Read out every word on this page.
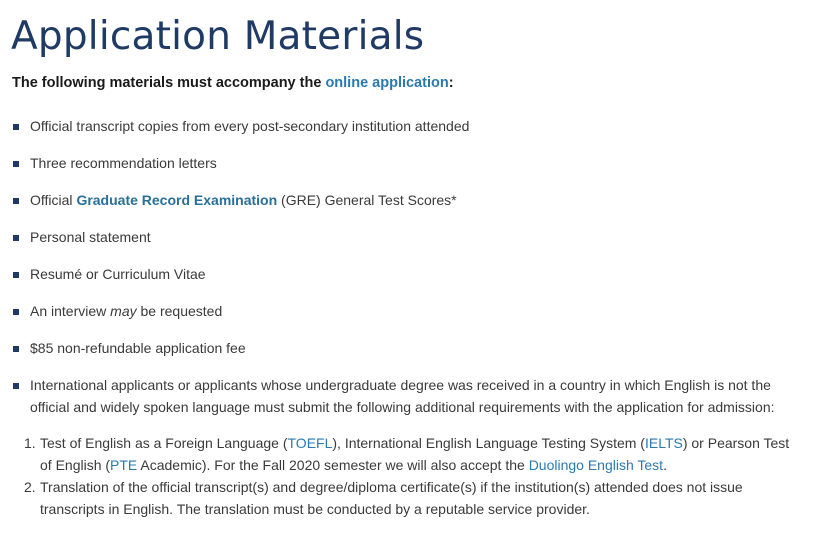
Application Materials

The following materials must accompany the online application:

Official transcript copies from every post-secondary institution attended
Three recommendation letters
Official Graduate Record Examination (GRE) General Test Scores*
Personal statement
Resumé or Curriculum Vitae
An interview may be requested
$85 non-refundable application fee
International applicants or applicants whose undergraduate degree was received in a country in which English is not the official and widely spoken language must submit the following additional requirements with the application for admission:
1. Test of English as a Foreign Language (TOEFL), International English Language Testing System (IELTS) or Pearson Test of English (PTE Academic). For the Fall 2020 semester we will also accept the Duolingo English Test.
2. Translation of the official transcript(s) and degree/diploma certificate(s) if the institution(s) attended does not issue transcripts in English. The translation must be conducted by a reputable service provider.
